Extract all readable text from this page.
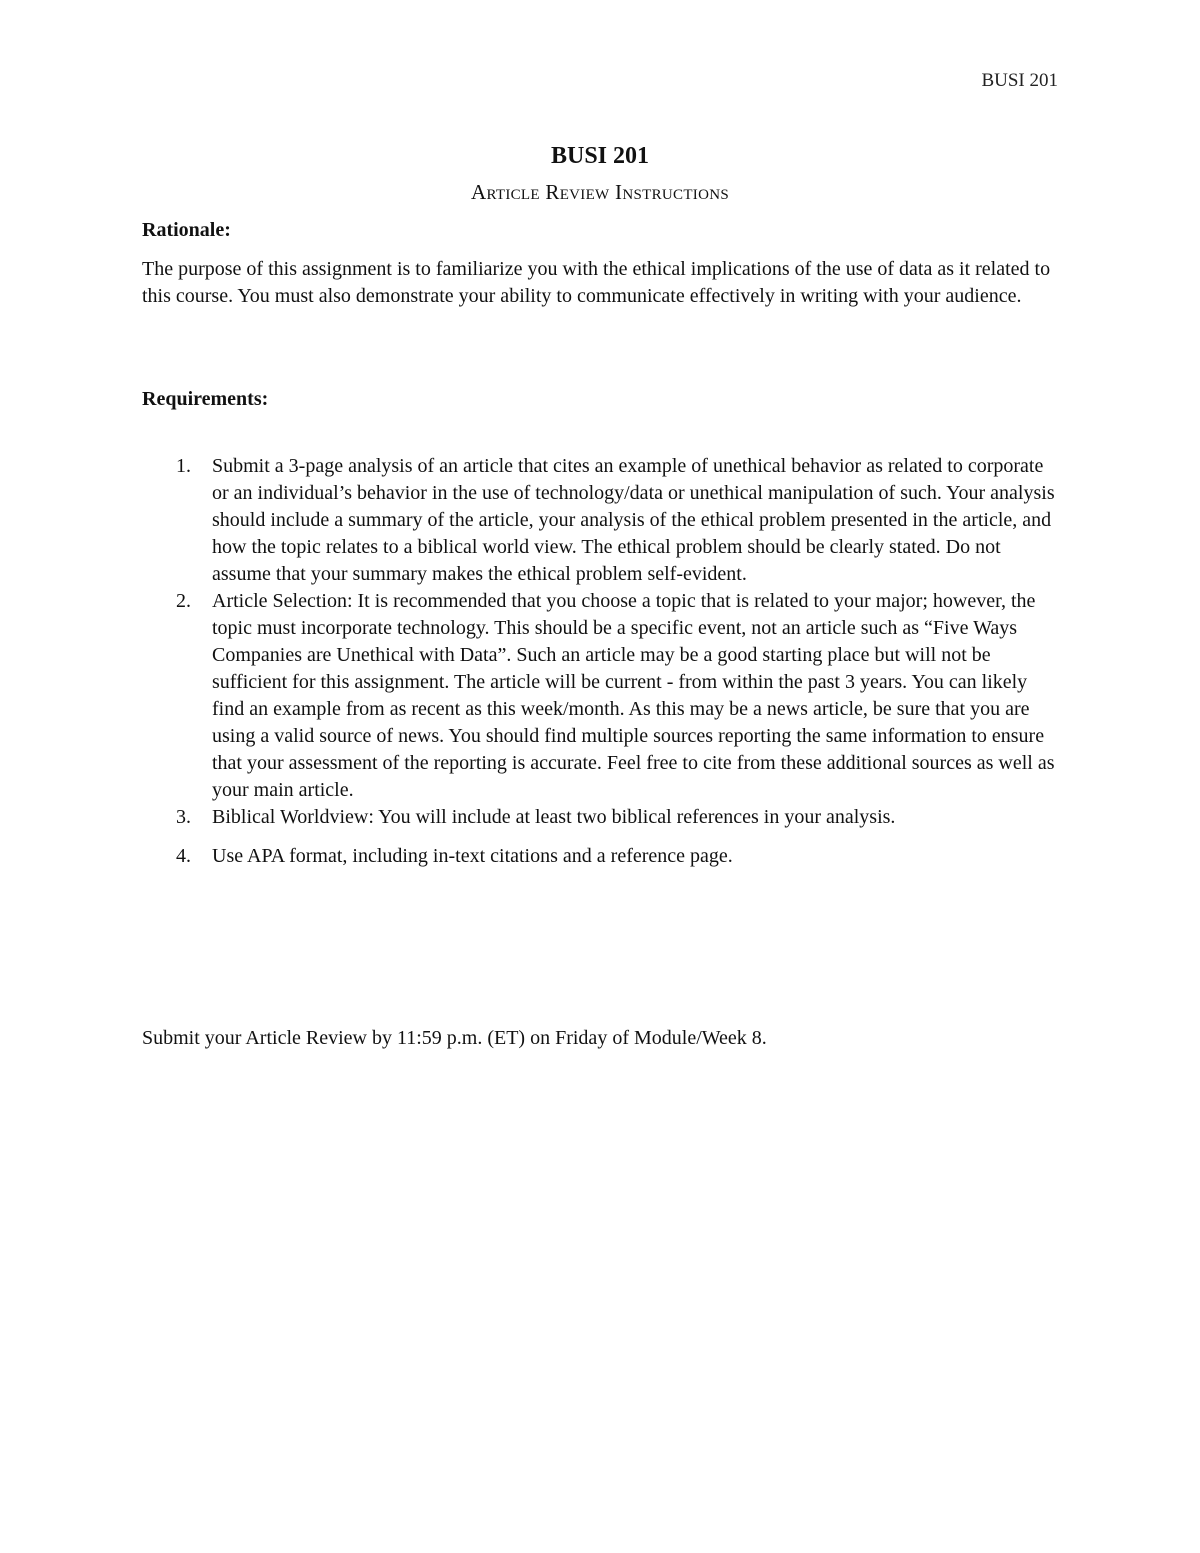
BUSI 201
BUSI 201
Article Review Instructions
Rationale:
The purpose of this assignment is to familiarize you with the ethical implications of the use of data as it related to this course. You must also demonstrate your ability to communicate effectively in writing with your audience.
Requirements:
1. Submit a 3-page analysis of an article that cites an example of unethical behavior as related to corporate or an individual’s behavior in the use of technology/data or unethical manipulation of such. Your analysis should include a summary of the article, your analysis of the ethical problem presented in the article, and how the topic relates to a biblical world view. The ethical problem should be clearly stated. Do not assume that your summary makes the ethical problem self-evident.
2. Article Selection: It is recommended that you choose a topic that is related to your major; however, the topic must incorporate technology. This should be a specific event, not an article such as “Five Ways Companies are Unethical with Data”. Such an article may be a good starting place but will not be sufficient for this assignment. The article will be current - from within the past 3 years. You can likely find an example from as recent as this week/month. As this may be a news article, be sure that you are using a valid source of news. You should find multiple sources reporting the same information to ensure that your assessment of the reporting is accurate. Feel free to cite from these additional sources as well as your main article.
3. Biblical Worldview: You will include at least two biblical references in your analysis.
4. Use APA format, including in-text citations and a reference page.
Submit your Article Review by 11:59 p.m. (ET) on Friday of Module/Week 8.
